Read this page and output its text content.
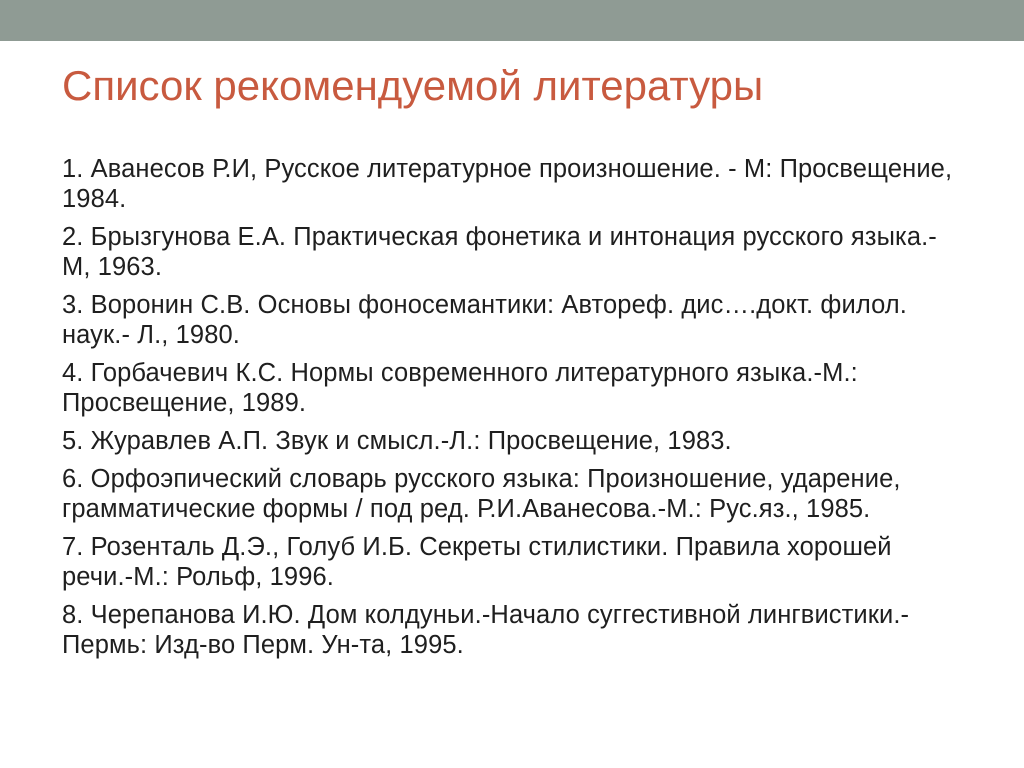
Список рекомендуемой литературы
1. Аванесов Р.И, Русское литературное произношение. - М: Просвещение, 1984.
2. Брызгунова Е.А. Практическая фонетика и интонация русского языка.-М, 1963.
3. Воронин С.В. Основы фоносемантики: Автореф. дис….докт. филол. наук.- Л., 1980.
4. Горбачевич К.С. Нормы современного литературного языка.-М.: Просвещение, 1989.
5. Журавлев А.П. Звук и смысл.-Л.: Просвещение, 1983.
6. Орфоэпический словарь русского языка: Произношение, ударение, грамматические формы / под ред. Р.И.Аванесова.-М.: Рус.яз., 1985.
7. Розенталь Д.Э., Голуб И.Б. Секреты стилистики. Правила хорошей речи.-М.: Рольф, 1996.
8. Черепанова И.Ю. Дом колдуньи.-Начало суггестивной лингвистики.-Пермь: Изд-во Перм. Ун-та, 1995.
